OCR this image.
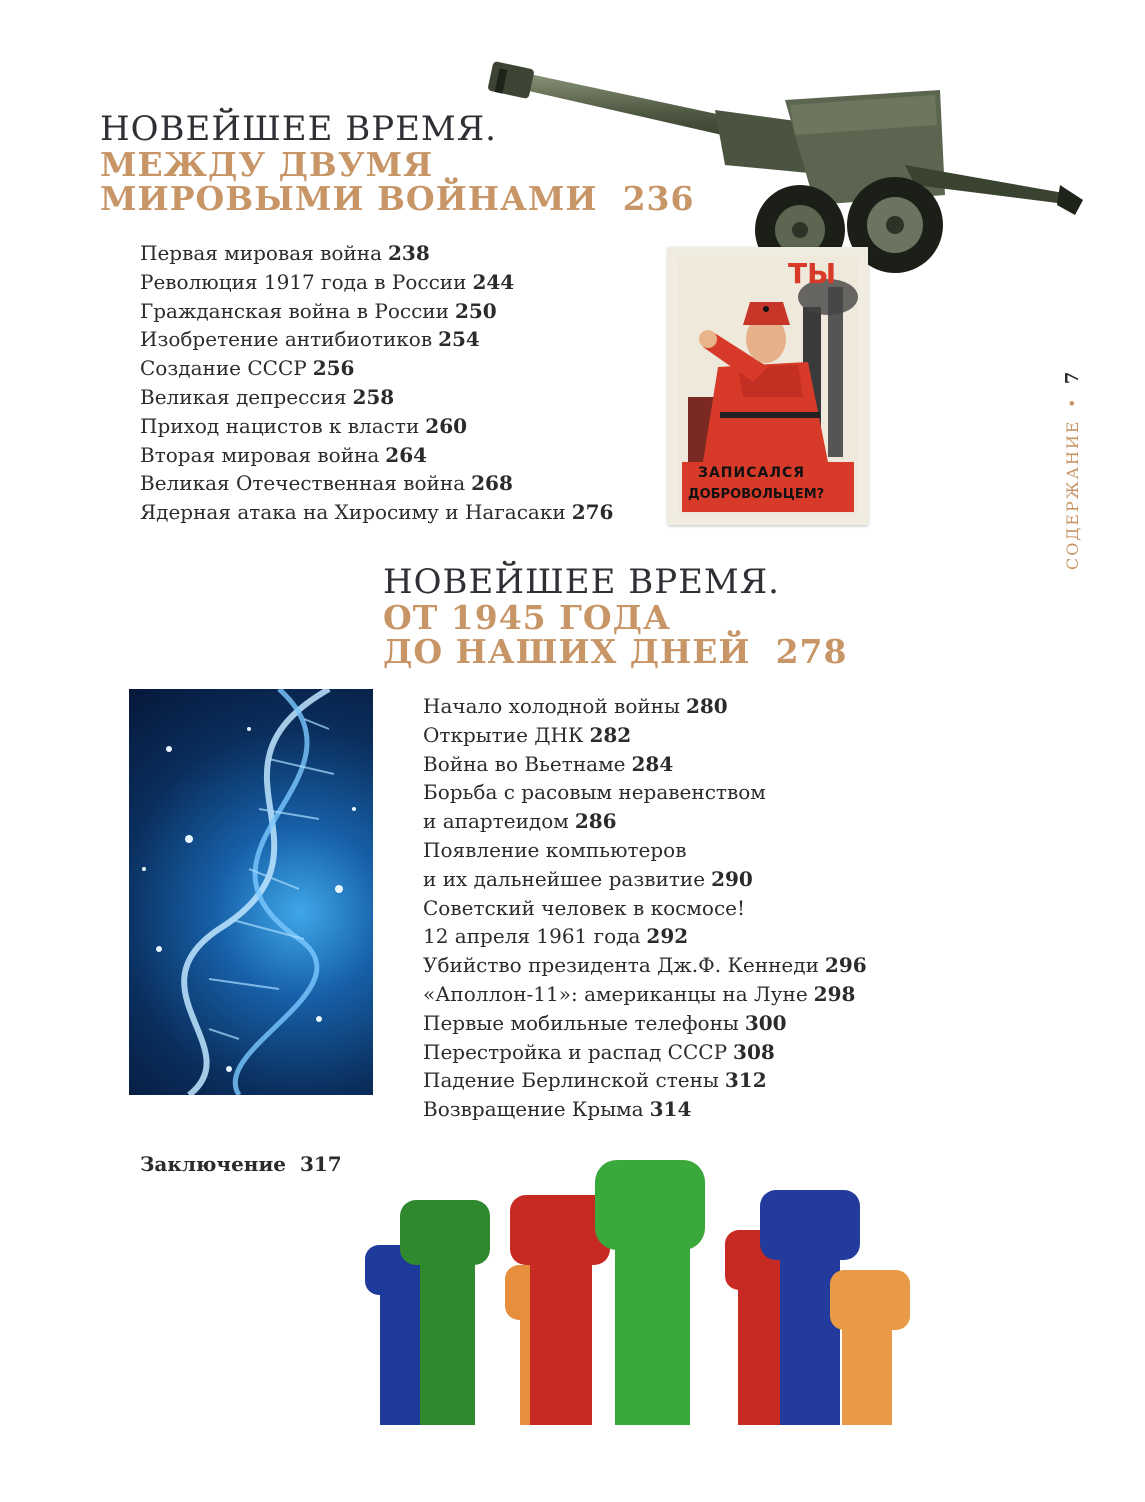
НОВЕЙШЕЕ ВРЕМЯ.
МЕЖДУ ДВУМЯ
МИРОВЫМИ ВОЙНАМИ 236
Первая мировая война 238
Революция 1917 года в России 244
Гражданская война в России 250
Изобретение антибиотиков 254
Создание СССР 256
Великая депрессия 258
Приход нацистов к власти 260
Вторая мировая война 264
Великая Отечественная война 268
Ядерная атака на Хиросиму и Нагасаки 276
ТЫ
ЗАПИСАЛСЯ
ДОБРОВОЛЬЦЕМ?
НОВЕЙШЕЕ ВРЕМЯ.
ОТ 1945 ГОДА
ДО НАШИХ ДНЕЙ 278
Начало холодной войны 280
Открытие ДНК 282
Война во Вьетнаме 284
Борьба с расовым неравенством
и апартеидом 286
Появление компьютеров
и их дальнейшее развитие 290
Советский человек в космосе!
12 апреля 1961 года 292
Убийство президента Дж.Ф. Кеннеди 296
«Аполлон-11»: американцы на Луне 298
Первые мобильные телефоны 300
Перестройка и распад СССР 308
Падение Берлинской стены 312
Возвращение Крыма 314
Заключение 317
СОДЕРЖАНИЕ•7
